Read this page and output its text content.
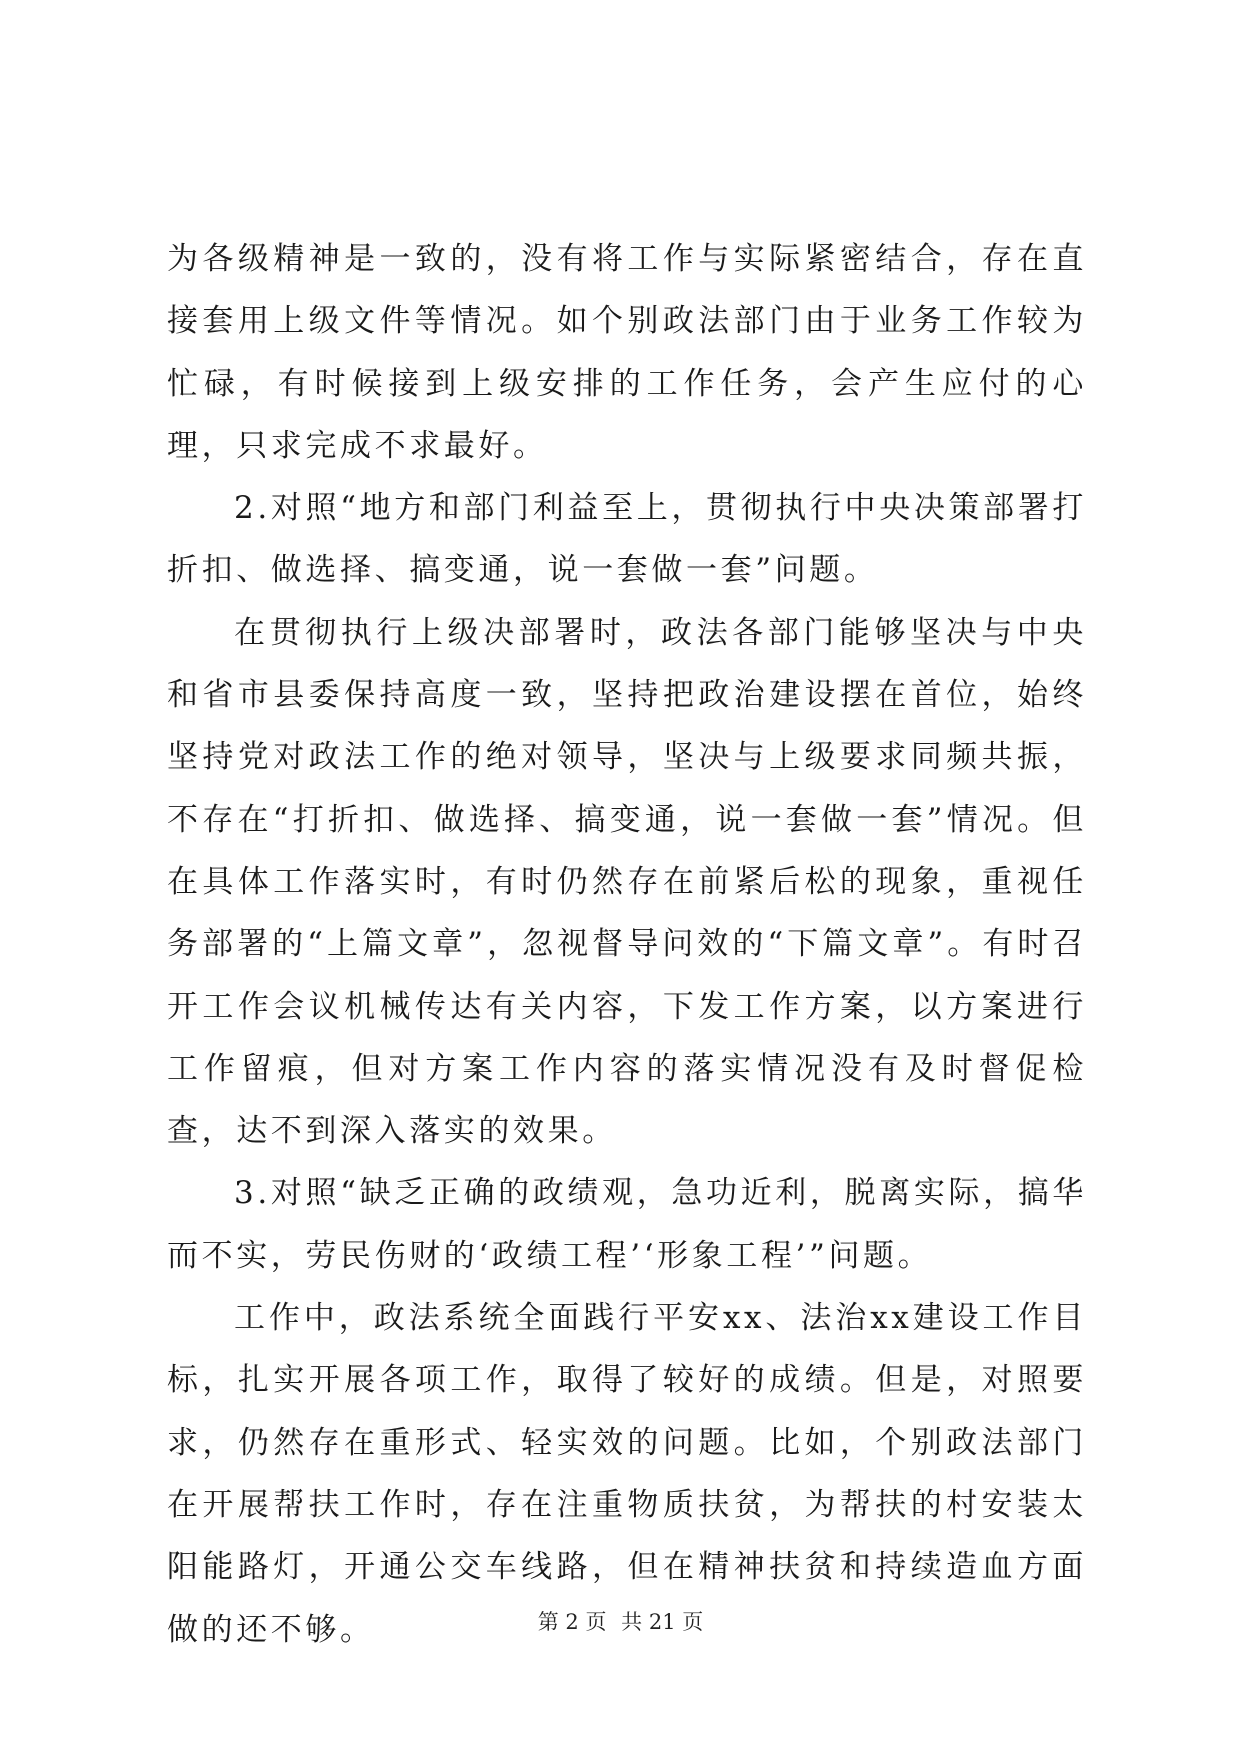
为各级精神是一致的，没有将工作与实际紧密结合，存在直接套用上级文件等情况。如个别政法部门由于业务工作较为忙碌，有时候接到上级安排的工作任务，会产生应付的心理，只求完成不求最好。

2.对照“地方和部门利益至上，贯彻执行中央决策部署打折扣、做选择、搞变通，说一套做一套”问题。

在贯彻执行上级决部署时，政法各部门能够坚决与中央和省市县委保持高度一致，坚持把政治建设摆在首位，始终坚持党对政法工作的绝对领导，坚决与上级要求同频共振，不存在“打折扣、做选择、搞变通，说一套做一套”情况。但在具体工作落实时，有时仍然存在前紧后松的现象，重视任务部署的“上篇文章”，忽视督导问效的“下篇文章”。有时召开工作会议机械传达有关内容，下发工作方案，以方案进行工作留痕，但对方案工作内容的落实情况没有及时督促检查，达不到深入落实的效果。

3.对照“缺乏正确的政绩观，急功近利，脱离实际，搞华而不实，劳民伤财的‘政绩工程’‘形象工程’”问题。

工作中，政法系统全面践行平安xx、法治xx建设工作目标，扎实开展各项工作，取得了较好的成绩。但是，对照要求，仍然存在重形式、轻实效的问题。比如，个别政法部门在开展帮扶工作时，存在注重物质扶贫，为帮扶的村安装太阳能路灯，开通公交车线路，但在精神扶贫和持续造血方面做的还不够。	第 2 页 共 21 页
